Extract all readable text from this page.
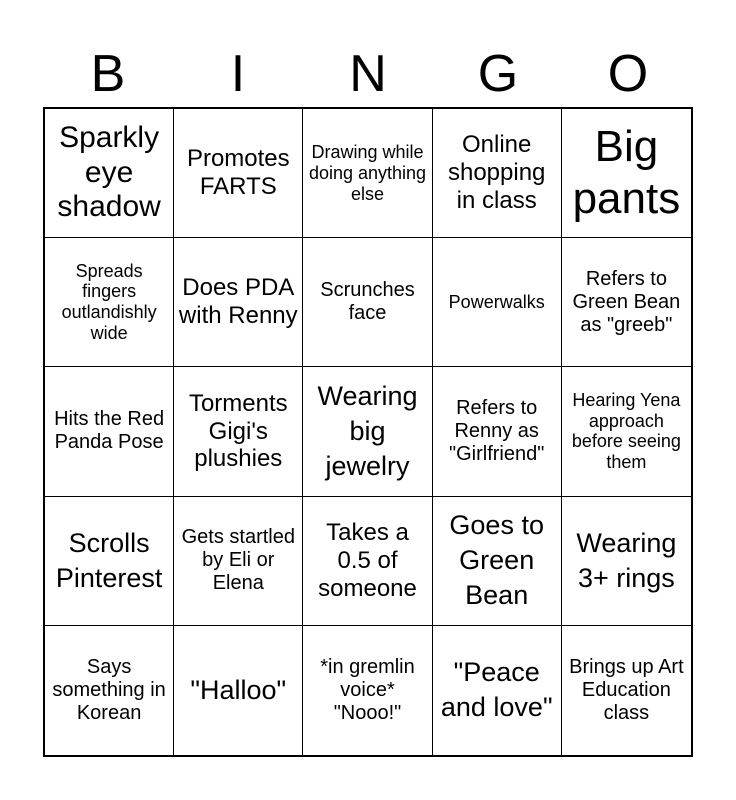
B	I	N	G	O
Sparkly eye shadow
Promotes FARTS
Drawing while doing anything else
Online shopping in class
Big pants
Spreads fingers outlandishly wide
Does PDA with Renny
Scrunches face
Powerwalks
Refers to Green Bean as "greeb"
Hits the Red Panda Pose
Torments Gigi's plushies
Wearing big jewelry
Refers to Renny as "Girlfriend"
Hearing Yena approach before seeing them
Scrolls Pinterest
Gets startled by Eli or Elena
Takes a 0.5 of someone
Goes to Green Bean
Wearing 3+ rings
Says something in Korean
"Halloo"
*in gremlin voice* "Nooo!"
"Peace and love"
Brings up Art Education class
